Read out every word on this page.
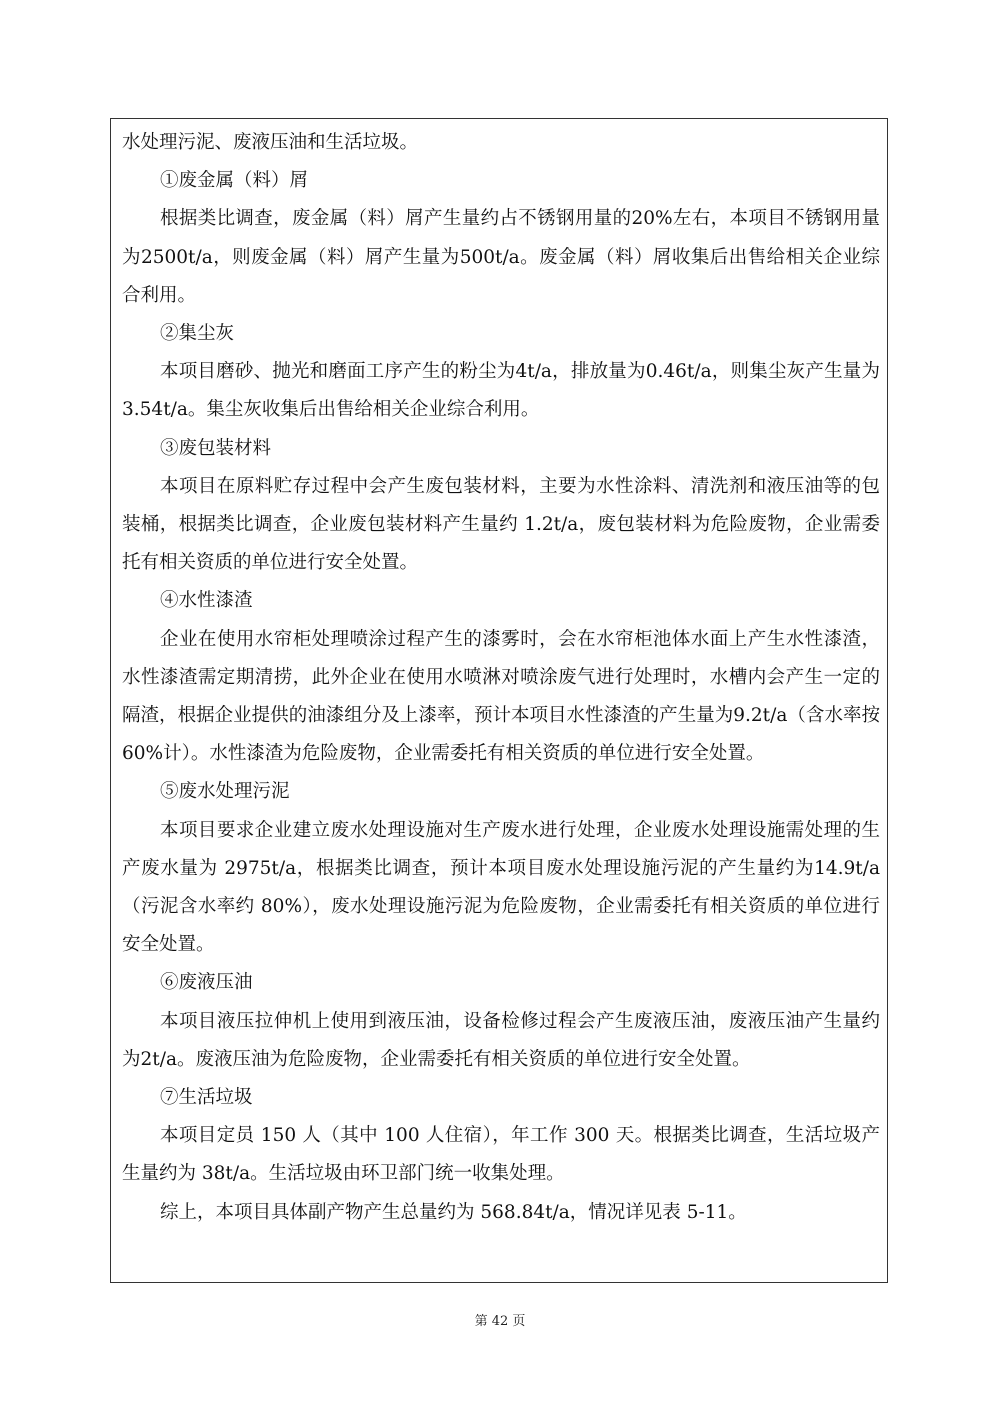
水处理污泥、废液压油和生活垃圾。

①废金属（料）屑

根据类比调查，废金属（料）屑产生量约占不锈钢用量的20%左右，本项目不锈钢用量为2500t/a，则废金属（料）屑产生量为500t/a。废金属（料）屑收集后出售给相关企业综合利用。

②集尘灰

本项目磨砂、抛光和磨面工序产生的粉尘为4t/a，排放量为0.46t/a，则集尘灰产生量为3.54t/a。集尘灰收集后出售给相关企业综合利用。

③废包装材料

本项目在原料贮存过程中会产生废包装材料，主要为水性涂料、清洗剂和液压油等的包装桶，根据类比调查，企业废包装材料产生量约 1.2t/a，废包装材料为危险废物，企业需委托有相关资质的单位进行安全处置。

④水性漆渣

企业在使用水帘柜处理喷涂过程产生的漆雾时，会在水帘柜池体水面上产生水性漆渣，水性漆渣需定期清捞，此外企业在使用水喷淋对喷涂废气进行处理时，水槽内会产生一定的隔渣，根据企业提供的油漆组分及上漆率，预计本项目水性漆渣的产生量为9.2t/a（含水率按 60%计）。水性漆渣为危险废物，企业需委托有相关资质的单位进行安全处置。

⑤废水处理污泥

本项目要求企业建立废水处理设施对生产废水进行处理，企业废水处理设施需处理的生产废水量为 2975t/a，根据类比调查，预计本项目废水处理设施污泥的产生量约为14.9t/a（污泥含水率约 80%），废水处理设施污泥为危险废物，企业需委托有相关资质的单位进行安全处置。

⑥废液压油

本项目液压拉伸机上使用到液压油，设备检修过程会产生废液压油，废液压油产生量约为2t/a。废液压油为危险废物，企业需委托有相关资质的单位进行安全处置。

⑦生活垃圾

本项目定员 150 人（其中 100 人住宿），年工作 300 天。根据类比调查，生活垃圾产生量约为 38t/a。生活垃圾由环卫部门统一收集处理。

综上，本项目具体副产物产生总量约为 568.84t/a，情况详见表 5-11。

第 42 页
